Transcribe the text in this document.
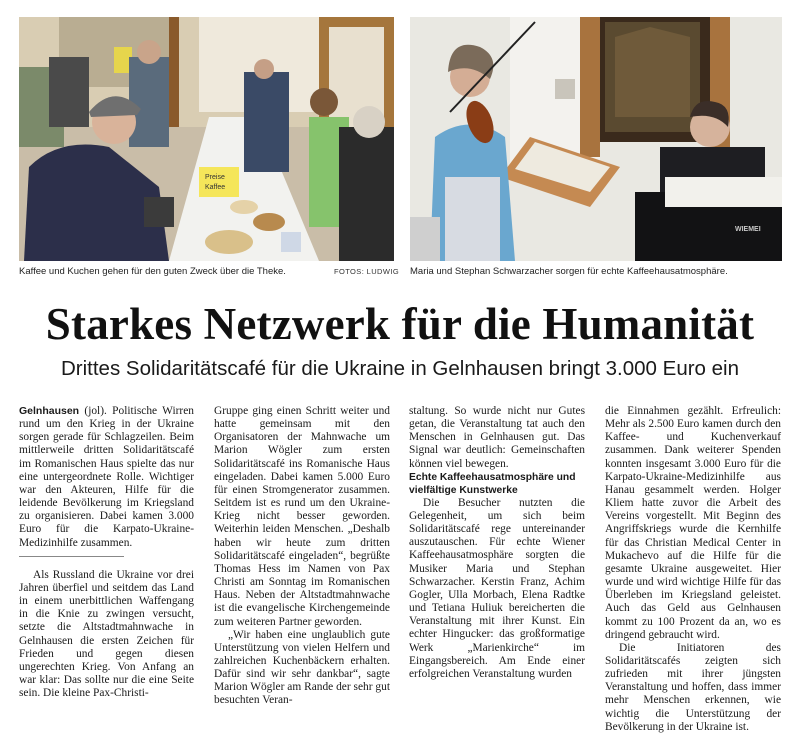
Preise
Kaffee
Kaffee und Kuchen gehen für den guten Zweck über die Theke.	FOTOS: LUDWIG
WIEMEI
Maria und Stephan Schwarzacher sorgen für echte Kaffeehausatmosphäre.
Starkes Netzwerk für die Humanität
Drittes Solidaritätscafé für die Ukraine in Gelnhausen bringt 3.000 Euro ein

Gelnhausen (jol). Politische Wirren rund um den Krieg in der Ukraine sorgen gerade für Schlagzeilen. Beim mittlerweile dritten Solidaritätscafé im Romanischen Haus spielte das nur eine untergeordnete Rolle. Wichtiger war den Akteuren, Hilfe für die leidende Bevölkerung im Kriegsland zu organisieren. Dabei kamen 3.000 Euro für die Karpato-Ukraine-Medizinhilfe zusammen.

Als Russland die Ukraine vor drei Jahren überfiel und seitdem das Land in einem unerbittlichen Waffengang in die Knie zu zwingen versucht, setzte die Altstadtmahnwache in Gelnhausen die ersten Zeichen für Frieden und gegen diesen ungerechten Krieg. Von Anfang an war klar: Das sollte nur die eine Seite sein. Die kleine Pax-Christi-

Gruppe ging einen Schritt weiter und hatte gemeinsam mit den Organisatoren der Mahnwache um Marion Wögler zum ersten Solidaritätscafé ins Romanische Haus eingeladen. Dabei kamen 5.000 Euro für einen Stromgenerator zusammen. Seitdem ist es rund um den Ukraine-Krieg nicht besser geworden. Weiterhin leiden Menschen. „Deshalb haben wir heute zum dritten Solidaritätscafé eingeladen“, begrüßte Thomas Hess im Namen von Pax Christi am Sonntag im Romanischen Haus. Neben der Altstadtmahnwache ist die evangelische Kirchengemeinde zum weiteren Partner geworden.

„Wir haben eine unglaublich gute Unterstützung von vielen Helfern und zahlreichen Kuchenbäckern erhalten. Dafür sind wir sehr dankbar“, sagte Marion Wögler am Rande der sehr gut besuchten Veran-

staltung. So wurde nicht nur Gutes getan, die Veranstaltung tat auch den Menschen in Gelnhausen gut. Das Signal war deutlich: Gemeinschaften können viel bewegen.

Echte Kaffeehausatmosphäre und vielfältige Kunstwerke

Die Besucher nutzten die Gelegenheit, um sich beim Solidaritätscafé rege untereinander auszutauschen. Für echte Wiener Kaffeehausatmosphäre sorgten die Musiker Maria und Stephan Schwarzacher. Kerstin Franz, Achim Gogler, Ulla Morbach, Elena Radtke und Tetiana Huliuk bereicherten die Veranstaltung mit ihrer Kunst. Ein echter Hingucker: das großformatige Werk „Marienkirche“ im Eingangsbereich. Am Ende einer erfolgreichen Veranstaltung wurden

die Einnahmen gezählt. Erfreulich: Mehr als 2.500 Euro kamen durch den Kaffee- und Kuchenverkauf zusammen. Dank weiterer Spenden konnten insgesamt 3.000 Euro für die Karpato-Ukraine-Medizinhilfe aus Hanau gesammelt werden. Holger Kliem hatte zuvor die Arbeit des Vereins vorgestellt. Mit Beginn des Angriffskriegs wurde die Kernhilfe für das Christian Medical Center in Mukachevo auf die Hilfe für die gesamte Ukraine ausgeweitet. Hier wurde und wird wichtige Hilfe für das Überleben im Kriegsland geleistet. Auch das Geld aus Gelnhausen kommt zu 100 Prozent da an, wo es dringend gebraucht wird.

Die Initiatoren des Solidaritätscafés zeigten sich zufrieden mit ihrer jüngsten Veranstaltung und hoffen, dass immer mehr Menschen erkennen, wie wichtig die Unterstützung der Bevölkerung in der Ukraine ist.
